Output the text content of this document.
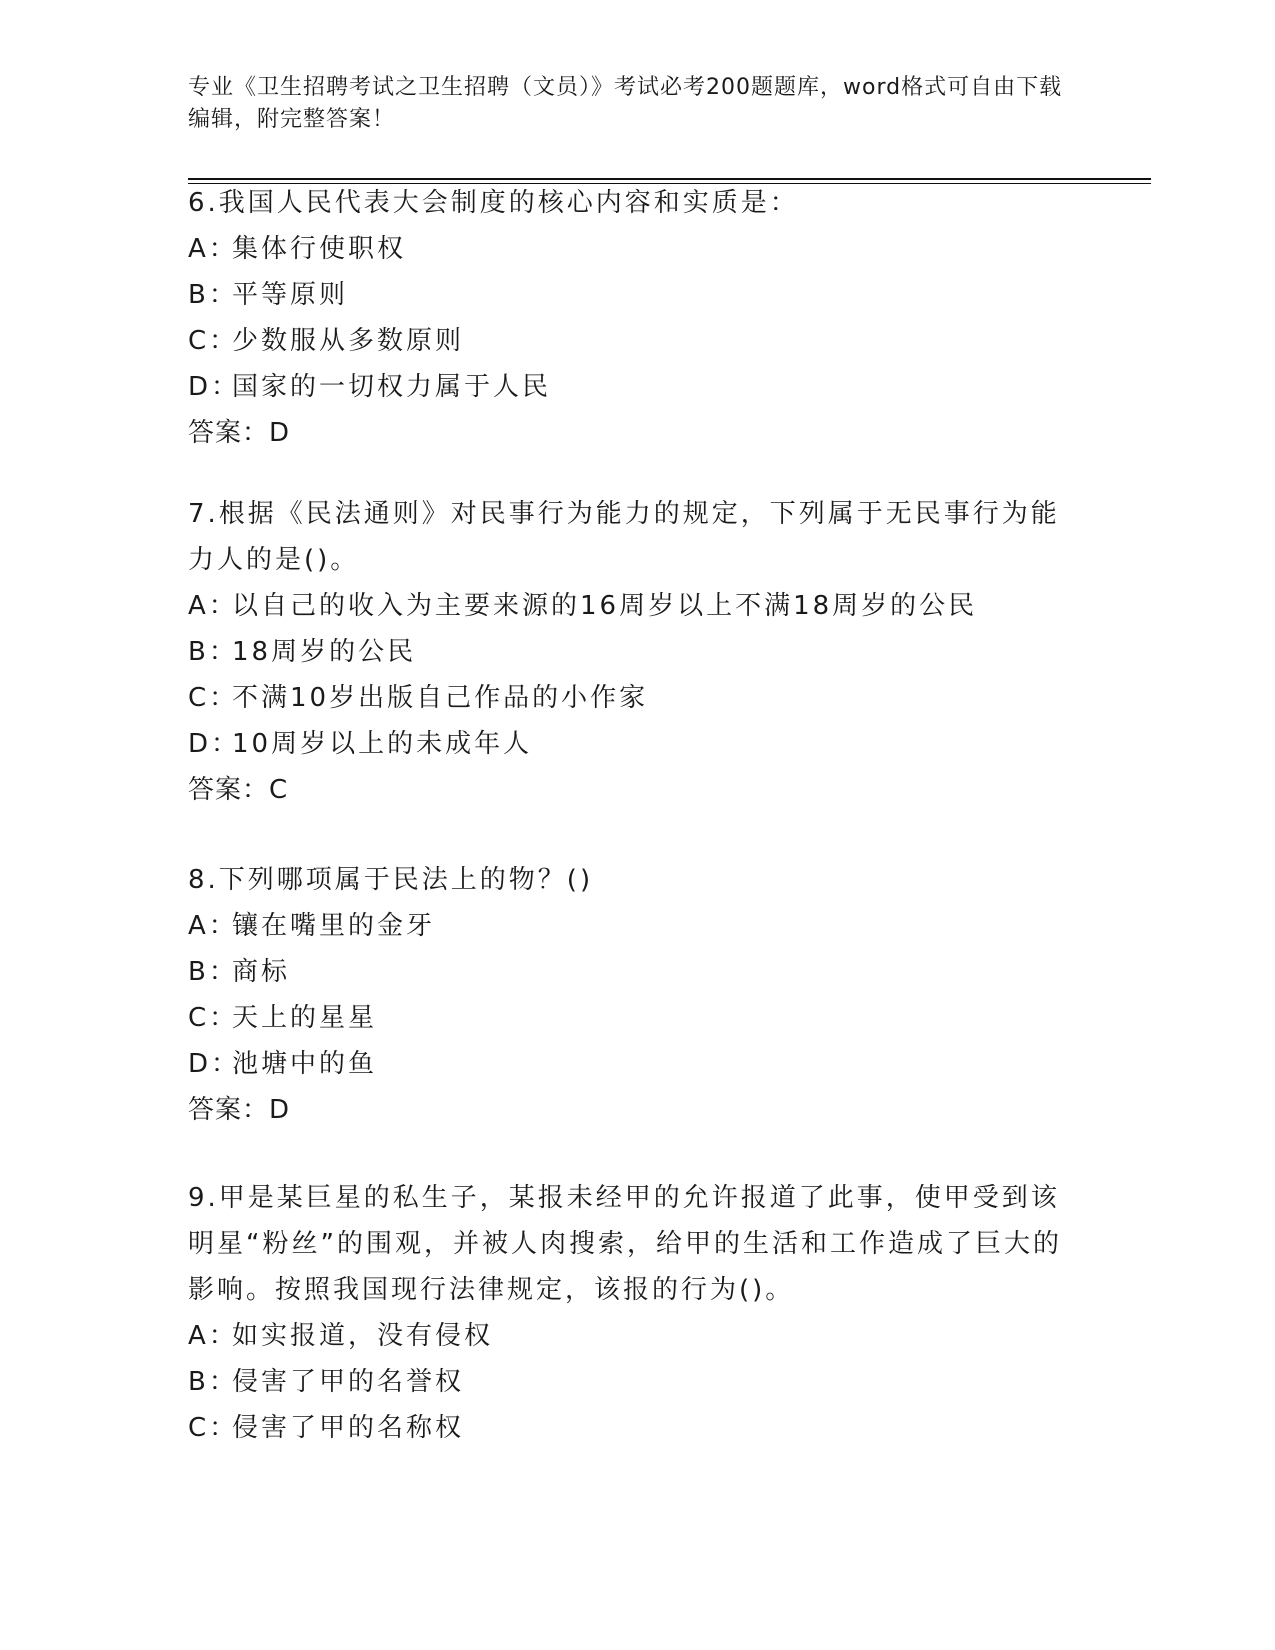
专业《卫生招聘考试之卫生招聘（文员）》考试必考200题题库，word格式可自由下载编辑，附完整答案！

6.我国人民代表大会制度的核心内容和实质是：

A：集体行使职权

B：平等原则

C：少数服从多数原则

D：国家的一切权力属于人民

答案：D

7.根据《民法通则》对民事行为能力的规定，下列属于无民事行为能力人的是()。

A：以自己的收入为主要来源的16周岁以上不满18周岁的公民

B：18周岁的公民

C：不满10岁出版自己作品的小作家

D：10周岁以上的未成年人

答案：C

8.下列哪项属于民法上的物？()

A：镶在嘴里的金牙

B：商标

C：天上的星星

D：池塘中的鱼

答案：D

9.甲是某巨星的私生子，某报未经甲的允许报道了此事，使甲受到该明星“粉丝”的围观，并被人肉搜索，给甲的生活和工作造成了巨大的影响。按照我国现行法律规定，该报的行为()。

A：如实报道，没有侵权

B：侵害了甲的名誉权

C：侵害了甲的名称权
